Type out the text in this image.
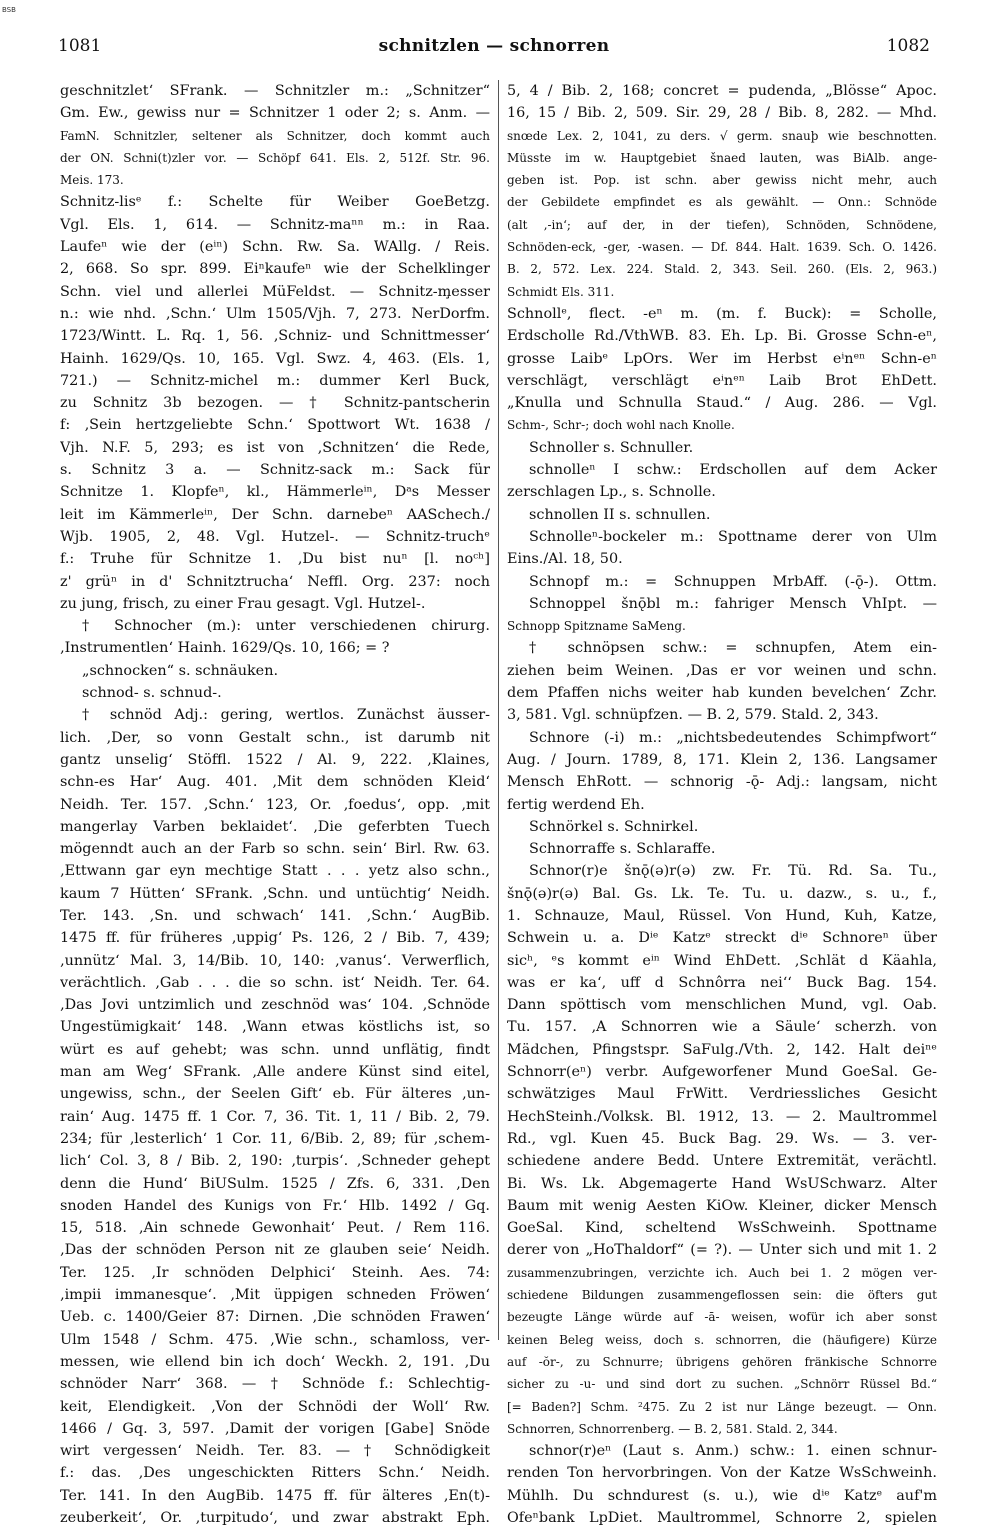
BSB
1081	schnitzlen — schnorren	1082
geschnitzlet‘ SFrank. — Schnitzler m.: „Schnitzer“
Gm. Ew., gewiss nur = Schnitzer 1 oder 2; s. Anm. —
FamN. Schnitzler, seltener als Schnitzer, doch kommt auch
der ON. Schni(t)zler vor. — Schöpf 641. Els. 2, 512f. Str. 96.
Meis. 173.
Schnitz-lisᵉ f.: Schelte für Weiber GoeBetzg.
Vgl. Els. 1, 614. — Schnitz-maⁿⁿ m.: in Raa.
Laufeⁿ wie der (eⁱⁿ) Schn. Rw. Sa. WAllg. / Reis.
2, 668. So spr. 899. Eiⁿkaufeⁿ wie der Schelklinger
Schn. viel und allerlei MüFeldst. — Schnitz-m̧esser
n.: wie nhd. ‚Schn.‘ Ulm 1505/Vjh. 7, 273. NerDorfm.
1723/Wintt. L. Rq. 1, 56. ‚Schniz- und Schnittmesser‘
Hainh. 1629/Qs. 10, 165. Vgl. Swz. 4, 463. (Els. 1,
721.) — Schnitz-michel m.: dummer Kerl Buck,
zu Schnitz 3b bezogen. — † Schnitz-pantscherin
f: ‚Sein hertzgeliebte Schn.‘ Spottwort Wt. 1638 /
Vjh. N.F. 5, 293; es ist von ‚Schnitzen‘ die Rede,
s. Schnitz 3 a. — Schnitz-sack m.: Sack für
Schnitze 1. Klopfeⁿ, kl., Hämmerleⁱⁿ, Dᵃs Messer
leit im Kämmerleⁱⁿ, Der Schn. darnebeⁿ AASchech./
Wjb. 1905, 2, 48. Vgl. Hutzel-. — Schnitz-truchᵉ
f.: Truhe für Schnitze 1. ‚Du bist nuⁿ [l. noᶜʰ]
z' grüⁿ in d' Schnitztrucha‘ Neffl. Org. 237: noch
zu jung, frisch, zu einer Frau gesagt. Vgl. Hutzel-.
† Schnocher (m.): unter verschiedenen chirurg.
‚Instrumentlen‘ Hainh. 1629/Qs. 10, 166; = ?
„schnocken“ s. schnäuken.
schnod- s. schnud-.
† schnöd Adj.: gering, wertlos. Zunächst äusser-
lich. ‚Der, so vonn Gestalt schn., ist darumb nit
gantz unselig‘ Stöffl. 1522 / Al. 9, 222. ‚Klaines,
schn-es Har‘ Aug. 401. ‚Mit dem schnöden Kleid‘
Neidh. Ter. 157. ‚Schn.‘ 123, Or. ‚foedus‘, opp. ‚mit
mangerlay Varben beklaidet‘. ‚Die geferbten Tuech
mögenndt auch an der Farb so schn. sein‘ Birl. Rw. 63.
‚Ettwann gar eyn mechtige Statt . . . yetz also schn.,
kaum 7 Hütten‘ SFrank. ‚Schn. und untüchtig‘ Neidh.
Ter. 143. ‚Sn. und schwach‘ 141. ‚Schn.‘ AugBib.
1475 ff. für früheres ‚uppig‘ Ps. 126, 2 / Bib. 7, 439;
‚unnütz‘ Mal. 3, 14/Bib. 10, 140: ‚vanus‘. Verwerflich,
verächtlich. ‚Gab . . . die so schn. ist‘ Neidh. Ter. 64.
‚Das Jovi untzimlich und zeschnöd was‘ 104. ‚Schnöde
Ungestümigkait‘ 148. ‚Wann etwas köstlichs ist, so
würt es auf gehebt; was schn. unnd unflätig, findt
man am Weg‘ SFrank. ‚Alle andere Künst sind eitel,
ungewiss, schn., der Seelen Gift‘ eb. Für älteres ‚un-
rain‘ Aug. 1475 ff. 1 Cor. 7, 36. Tit. 1, 11 / Bib. 2, 79.
234; für ‚lesterlich‘ 1 Cor. 11, 6/Bib. 2, 89; für ‚schem-
lich‘ Col. 3, 8 / Bib. 2, 190: ‚turpis‘. ‚Schneder gehept
denn die Hund‘ BiUSulm. 1525 / Zfs. 6, 331. ‚Den
snoden Handel des Kunigs von Fr.‘ Hlb. 1492 / Gq.
15, 518. ‚Ain schnede Gewonhait‘ Peut. / Rem 116.
‚Das der schnöden Person nit ze glauben seie‘ Neidh.
Ter. 125. ‚Ir schnöden Delphici‘ Steinh. Aes. 74:
‚impii immanesque‘. ‚Mit üppigen schneden Fröwen‘
Ueb. c. 1400/Geier 87: Dirnen. ‚Die schnöden Frawen‘
Ulm 1548 / Schm. 475. ‚Wie schn., schamloss, ver-
messen, wie ellend bin ich doch‘ Weckh. 2, 191. ‚Du
schnöder Narr‘ 368. — † Schnöde f.: Schlechtig-
keit, Elendigkeit. ‚Von der Schnödi der Woll‘ Rw.
1466 / Gq. 3, 597. ‚Damit der vorigen [Gabe] Snöde
wirt vergessen‘ Neidh. Ter. 83. — † Schnödigkeit
f.: das. ‚Des ungeschickten Ritters Schn.‘ Neidh.
Ter. 141. In den AugBib. 1475 ff. für älteres ‚En(t)-
zeuberkeit‘, Or. ‚turpitudo‘, und zwar abstrakt Eph.
5, 4 / Bib. 2, 168; concret = pudenda, „Blösse“ Apoc.
16, 15 / Bib. 2, 509. Sir. 29, 28 / Bib. 8, 282. — Mhd.
snœde Lex. 2, 1041, zu ders. √ germ. snauþ wie beschnotten.
Müsste im w. Hauptgebiet šnaed lauten, was BiAlb. ange-
geben ist. Pop. ist schn. aber gewiss nicht mehr, auch
der Gebildete empfindet es als gewählt. — Onn.: Schnöde
(alt ‚-in‘; auf der, in der tiefen), Schnöden, Schnödene,
Schnöden-eck, -ger, -wasen. — Df. 844. Halt. 1639. Sch. O. 1426.
B. 2, 572. Lex. 224. Stald. 2, 343. Seil. 260. (Els. 2, 963.)
Schmidt Els. 311.
Schnollᵉ, flect. -eⁿ m. (m. f. Buck): = Scholle,
Erdscholle Rd./VthWB. 83. Eh. Lp. Bi. Grosse Schn-eⁿ,
grosse Laibᵉ LpOrs. Wer im Herbst eⁱnᵉⁿ Schn-eⁿ
verschlägt, verschlägt eⁱnᵉⁿ Laib Brot EhDett.
„Knulla und Schnulla Staud.“ / Aug. 286. — Vgl.
Schm-, Schr-; doch wohl nach Knolle.
Schnoller s. Schnuller.
schnolleⁿ I schw.: Erdschollen auf dem Acker
zerschlagen Lp., s. Schnolle.
schnollen II s. schnullen.
Schnolleⁿ-bockeler m.: Spottname derer von Ulm
Eins./Al. 18, 50.
Schnopf m.: = Schnuppen MrbAff. (-ǭ-). Ottm.
Schnoppel šnǭbl m.: fahriger Mensch VhIpt. —
Schnopp Spitzname SaMeng.
† schnöpsen schw.: = schnupfen, Atem ein-
ziehen beim Weinen. ‚Das er vor weinen und schn.
dem Pfaffen nichs weiter hab kunden bevelchen‘ Zchr.
3, 581. Vgl. schnüpfzen. — B. 2, 579. Stald. 2, 343.
Schnore (-i) m.: „nichtsbedeutendes Schimpfwort“
Aug. / Journ. 1789, 8, 171. Klein 2, 136. Langsamer
Mensch EhRott. — schnorig -ǭ- Adj.: langsam, nicht
fertig werdend Eh.
Schnörkel s. Schnirkel.
Schnorraffe s. Schlaraffe.
Schnor(r)e šnǭ(ə)r(ə) zw. Fr. Tü. Rd. Sa. Tu.,
šnǭ(ə)r(ə) Bal. Gs. Lk. Te. Tu. u. dazw., s. u., f.,
1. Schnauze, Maul, Rüssel. Von Hund, Kuh, Katze,
Schwein u. a. Dⁱᵉ Katzᵉ streckt dⁱᵉ Schnoreⁿ über
sicʰ, ᵉs kommt eⁱⁿ Wind EhDett. ‚Schlät d Käahla,
was er ka‘, uff d Schnôrra nei‘‘ Buck Bag. 154.
Dann spöttisch vom menschlichen Mund, vgl. Oab.
Tu. 157. ‚A Schnorren wie a Säule‘ scherzh. von
Mädchen, Pfingstspr. SaFulg./Vth. 2, 142. Halt deiⁿᵉ
Schnorr(eⁿ) verbr. Aufgeworfener Mund GoeSal. Ge-
schwätziges Maul FrWitt. Verdriessliches Gesicht
HechSteinh./Volksk. Bl. 1912, 13. — 2. Maultrommel
Rd., vgl. Kuen 45. Buck Bag. 29. Ws. — 3. ver-
schiedene andere Bedd. Untere Extremität, verächtl.
Bi. Ws. Lk. Abgemagerte Hand WsUSchwarz. Alter
Baum mit wenig Aesten KiOw. Kleiner, dicker Mensch
GoeSal. Kind, scheltend WsSchweinh. Spottname
derer von „HoThaldorf“ (= ?). — Unter sich und mit 1. 2
zusammenzubringen, verzichte ich. Auch bei 1. 2 mögen ver-
schiedene Bildungen zusammengeflossen sein: die öfters gut
bezeugte Länge würde auf -ā- weisen, wofür ich aber sonst
keinen Beleg weiss, doch s. schnorren, die (häufigere) Kürze
auf -ŏr-, zu Schnurre; übrigens gehören fränkische Schnorre
sicher zu -u- und sind dort zu suchen. „Schnörr Rüssel Bd.“
[= Baden?] Schm. ²475. Zu 2 ist nur Länge bezeugt. — Onn.
Schnorren, Schnorrenberg. — B. 2, 581. Stald. 2, 344.
schnor(r)eⁿ (Laut s. Anm.) schw.: 1. einen schnur-
renden Ton hervorbringen. Von der Katze WsSchweinh.
Mühlh. Du schndurest (s. u.), wie dⁱᵉ Katzᵉ auf'm
Ofeⁿbank LpDiet. Maultrommel, Schnorre 2, spielen
